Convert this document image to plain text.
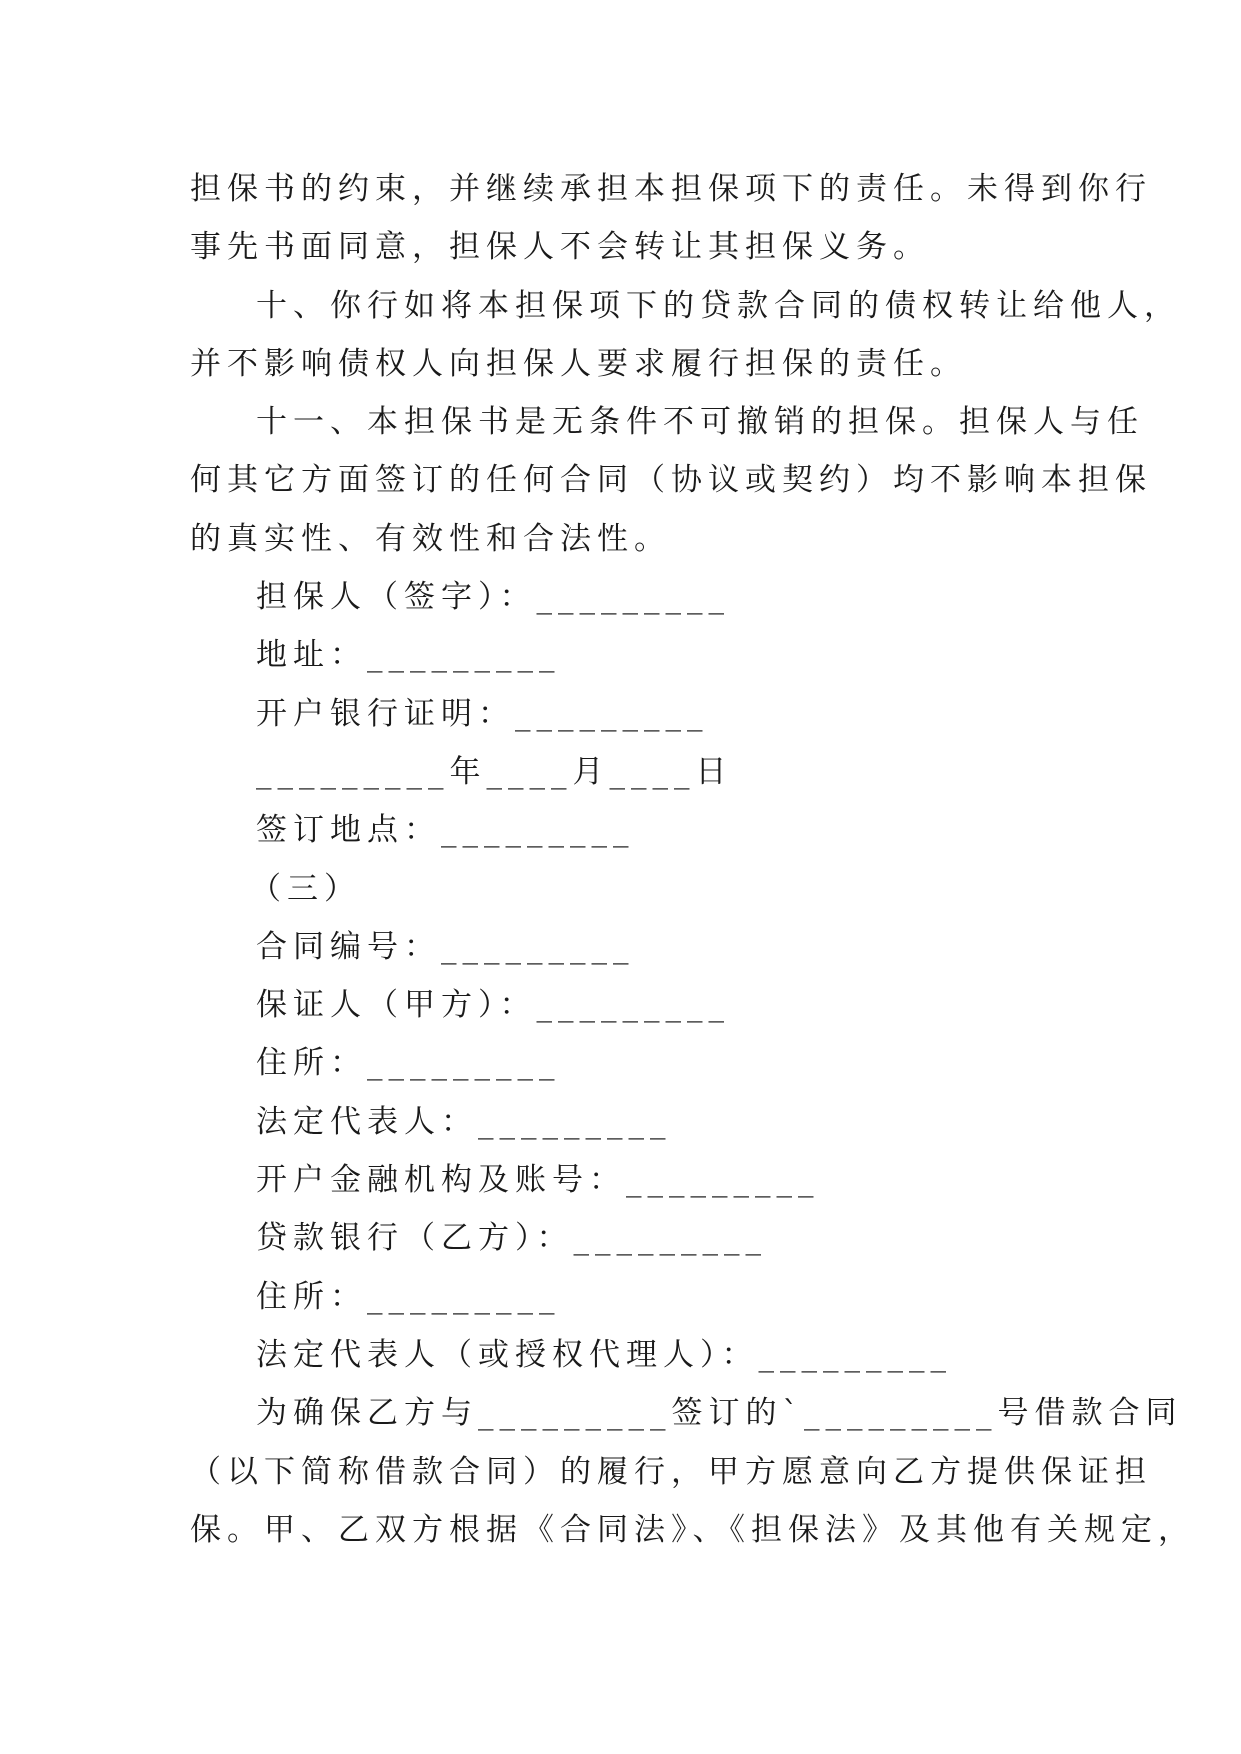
担保书的约束，并继续承担本担保项下的责任。未得到你行
事先书面同意，担保人不会转让其担保义务。
十、你行如将本担保项下的贷款合同的债权转让给他人，
并不影响债权人向担保人要求履行担保的责任。
十一、本担保书是无条件不可撤销的担保。担保人与任
何其它方面签订的任何合同（协议或契约）均不影响本担保
的真实性、有效性和合法性。
担保人（签字）：_________
地址：_________
开户银行证明：_________
_________年____月____日
签订地点：_________
（三）
合同编号：_________
保证人（甲方）：_________
住所：_________
法定代表人：_________
开户金融机构及账号：_________
贷款银行（乙方）：_________
住所：_________
法定代表人（或授权代理人）：_________
为确保乙方与_________签订的`_________号借款合同
（以下简称借款合同）的履行，甲方愿意向乙方提供保证担
保。甲、乙双方根据《合同法》、《担保法》及其他有关规定，
